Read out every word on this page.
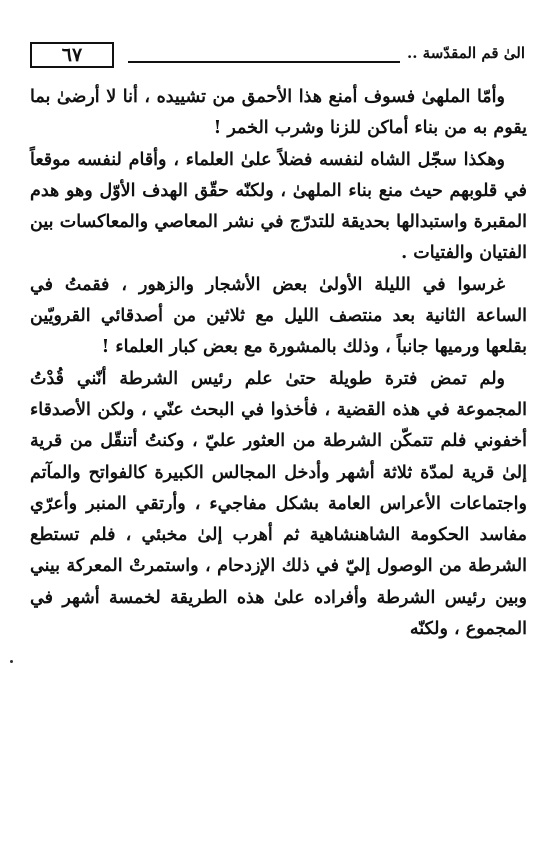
٦٧	الىٰ قم المقدّسة ..

وأمّا الملهىٰ فسوف أمنع هذا الأحمق من تشييده ، أنا لا أرضىٰ بما يقوم به من بناء أماكن للزنا وشرب الخمر !

وهكذا سجّل الشاه لنفسه فضلاً علىٰ العلماء ، وأقام لنفسه موقعاً في قلوبهم حيث منع بناء الملهىٰ ، ولكنّه حقّق الهدف الأوّل وهو هدم المقبرة واستبدالها بحديقة للتدرّج في نشر المعاصي والمعاكسات بين الفتيان والفتيات .

غرسوا في الليلة الأولىٰ بعض الأشجار والزهور ، فقمتُ في الساعة الثانية بعد منتصف الليل مع ثلاثين من أصدقائي القرويّين بقلعها ورميها جانباً ، وذلك بالمشورة مع بعض كبار العلماء !

ولم تمض فترة طويلة حتىٰ علم رئيس الشرطة أنّني قُدْتُ المجموعة في هذه القضية ، فأخذوا في البحث عنّي ، ولكن الأصدقاء أخفوني فلم تتمكّن الشرطة من العثور عليّ ، وكنتُ أتنقّل من قرية إلىٰ قرية لمدّة ثلاثة أشهر وأدخل المجالس الكبيرة كالفواتح والمآتم واجتماعات الأعراس العامة بشكل مفاجيء ، وأرتقي المنبر وأعرّي مفاسد الحكومة الشاهنشاهية ثم أهرب إلىٰ مخبئي ، فلم تستطع الشرطة من الوصول إليّ في ذلك الإزدحام ، واستمرتْ المعركة بيني وبين رئيس الشرطة وأفراده علىٰ هذه الطريقة لخمسة أشهر في المجموع ، ولكنّه
